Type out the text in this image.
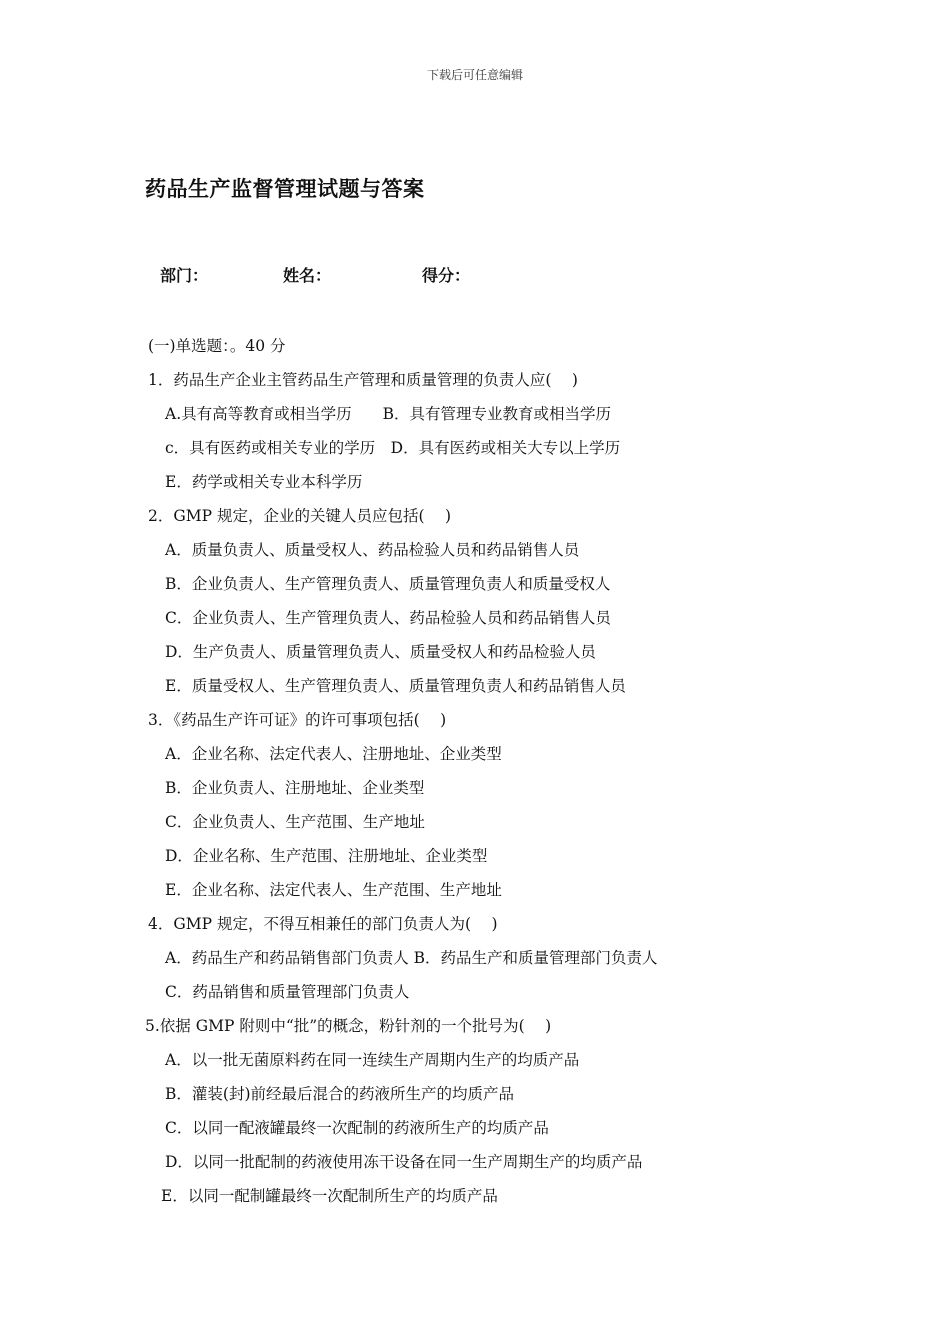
下载后可任意编辑
药品生产监督管理试题与答案
部门：	姓名：	得分：
(一)单选题：。40 分
1．药品生产企业主管药品生产管理和质量管理的负责人应(　 )
A.具有高等教育或相当学历　　B．具有管理专业教育或相当学历
c．具有医药或相关专业的学历　D．具有医药或相关大专以上学历
E．药学或相关专业本科学历
2．GMP 规定，企业的关键人员应包括(　 )
A．质量负责人、质量受权人、药品检验人员和药品销售人员
B．企业负责人、生产管理负责人、质量管理负责人和质量受权人
C．企业负责人、生产管理负责人、药品检验人员和药品销售人员
D．生产负责人、质量管理负责人、质量受权人和药品检验人员
E．质量受权人、生产管理负责人、质量管理负责人和药品销售人员
3．《药品生产许可证》的许可事项包括(　 )
A．企业名称、法定代表人、注册地址、企业类型
B．企业负责人、注册地址、企业类型
C．企业负责人、生产范围、生产地址
D．企业名称、生产范围、注册地址、企业类型
E．企业名称、法定代表人、生产范围、生产地址
4．GMP 规定，不得互相兼任的部门负责人为(　 )
A．药品生产和药品销售部门负责人 B．药品生产和质量管理部门负责人
C．药品销售和质量管理部门负责人
5.依据 GMP 附则中“批”的概念，粉针剂的一个批号为(　 )
A．以一批无菌原料药在同一连续生产周期内生产的均质产品
B．灌装(封)前经最后混合的药液所生产的均质产品
C．以同一配液罐最终一次配制的药液所生产的均质产品
D．以同一批配制的药液使用冻干设备在同一生产周期生产的均质产品
E．以同一配制罐最终一次配制所生产的均质产品
